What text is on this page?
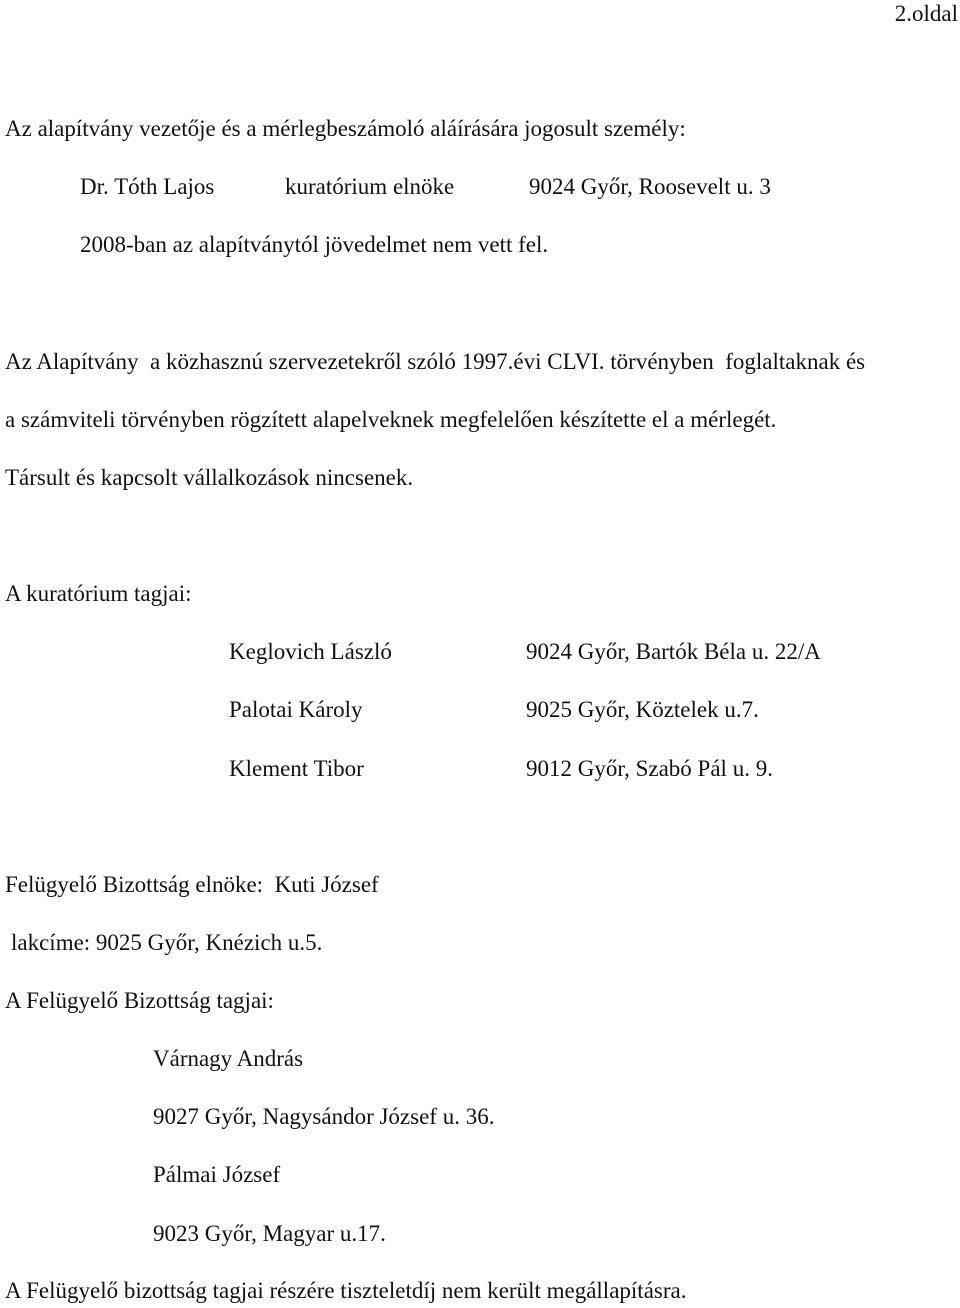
2.oldal
Az alapítvány vezetője és a mérlegbeszámoló aláírására jogosult személy:
Dr. Tóth Lajos	kuratórium elnöke	9024 Győr, Roosevelt u. 3
2008-ban az alapítványtól jövedelmet nem vett fel.
Az Alapítvány  a közhasznú szervezetekről szóló 1997.évi CLVI. törvényben  foglaltaknak és
a számviteli törvényben rögzített alapelveknek megfelelően készítette el a mérlegét.
Társult és kapcsolt vállalkozások nincsenek.
A kuratórium tagjai:
Keglovich László	9024 Győr, Bartók Béla u. 22/A
Palotai Károly	9025 Győr, Köztelek u.7.
Klement Tibor	9012 Győr, Szabó Pál u. 9.
Felügyelő Bizottság elnöke:  Kuti József
lakcíme: 9025 Győr, Knézich u.5.
A Felügyelő Bizottság tagjai:
Várnagy András
9027 Győr, Nagysándor József u. 36.
Pálmai József
9023 Győr, Magyar u.17.
A Felügyelő bizottság tagjai részére tiszteletdíj nem került megállapításra.
